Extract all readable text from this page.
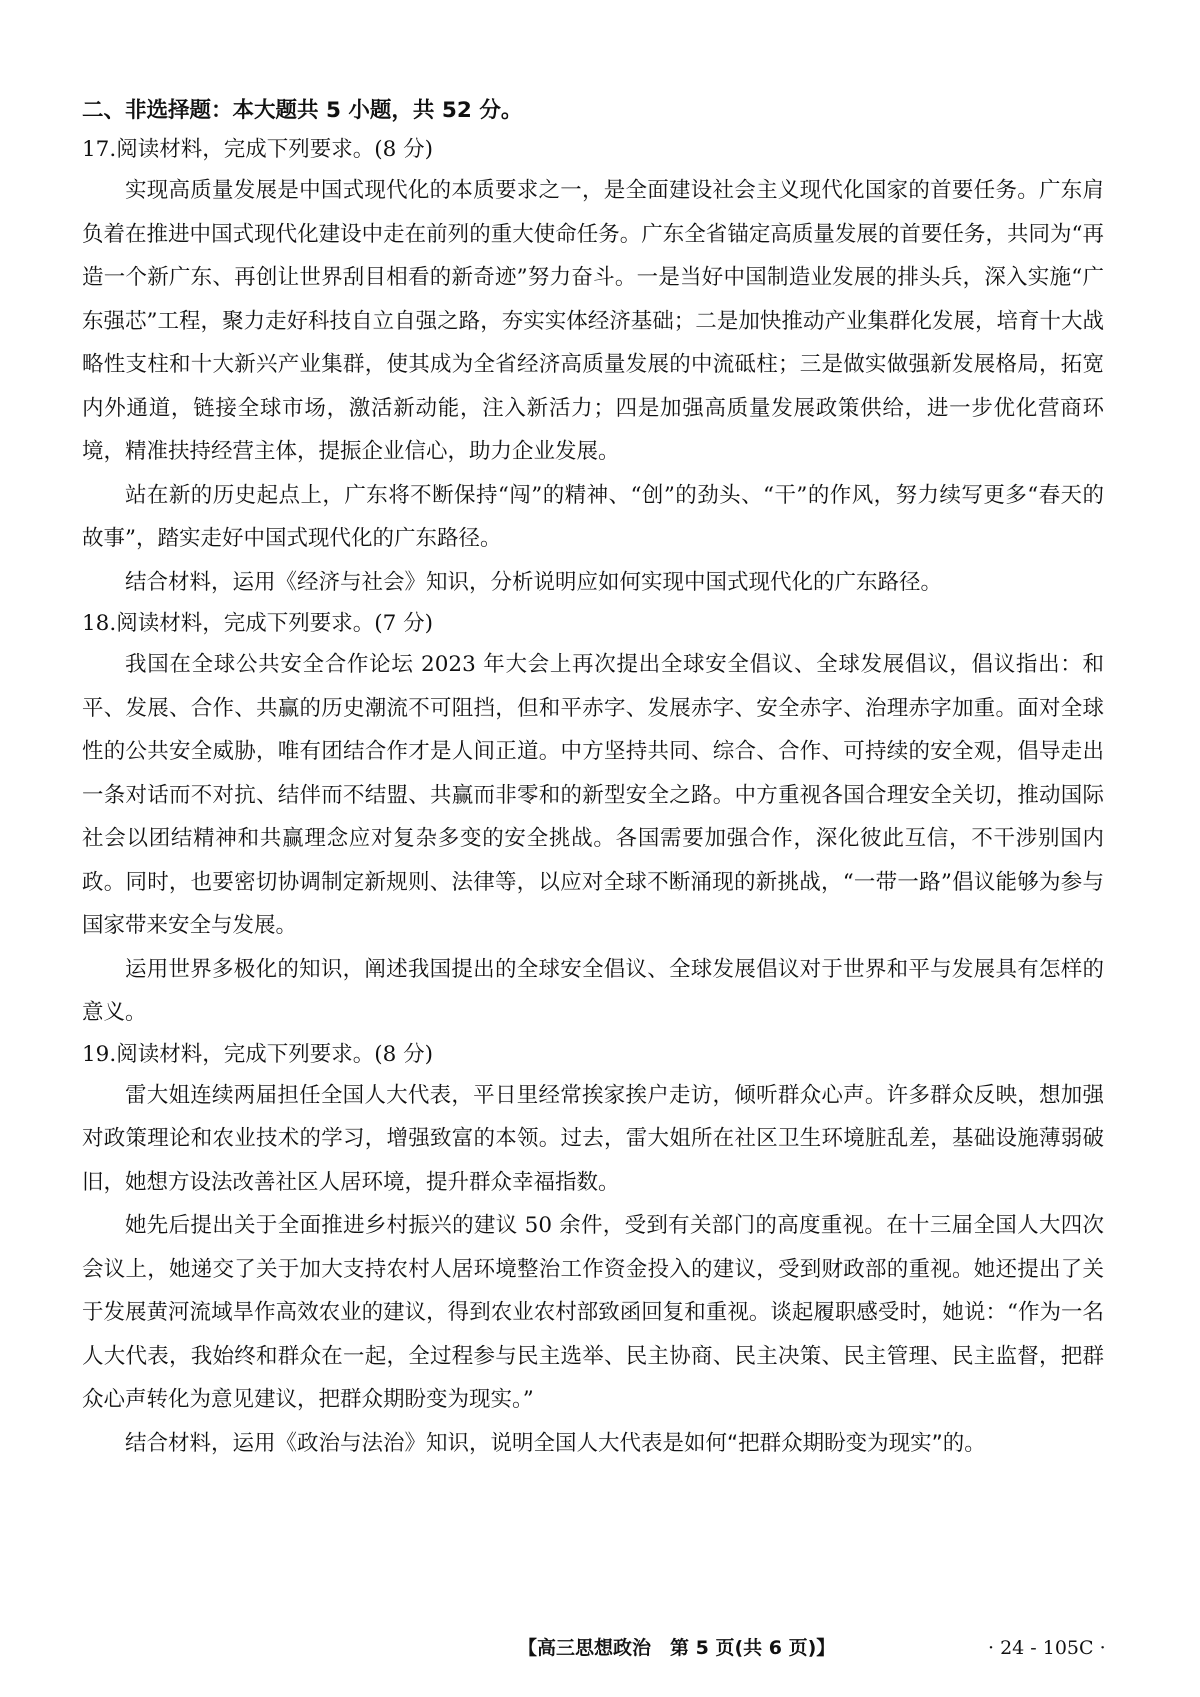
二、非选择题：本大题共 5 小题，共 52 分。

17.阅读材料，完成下列要求。(8 分)

实现高质量发展是中国式现代化的本质要求之一，是全面建设社会主义现代化国家的首要任务。广东肩负着在推进中国式现代化建设中走在前列的重大使命任务。广东全省锚定高质量发展的首要任务，共同为“再造一个新广东、再创让世界刮目相看的新奇迹”努力奋斗。一是当好中国制造业发展的排头兵，深入实施“广东强芯”工程，聚力走好科技自立自强之路，夯实实体经济基础；二是加快推动产业集群化发展，培育十大战略性支柱和十大新兴产业集群，使其成为全省经济高质量发展的中流砥柱；三是做实做强新发展格局，拓宽内外通道，链接全球市场，激活新动能，注入新活力；四是加强高质量发展政策供给，进一步优化营商环境，精准扶持经营主体，提振企业信心，助力企业发展。

站在新的历史起点上，广东将不断保持“闯”的精神、“创”的劲头、“干”的作风，努力续写更多“春天的故事”，踏实走好中国式现代化的广东路径。

结合材料，运用《经济与社会》知识，分析说明应如何实现中国式现代化的广东路径。

18.阅读材料，完成下列要求。(7 分)

我国在全球公共安全合作论坛 2023 年大会上再次提出全球安全倡议、全球发展倡议，倡议指出：和平、发展、合作、共赢的历史潮流不可阻挡，但和平赤字、发展赤字、安全赤字、治理赤字加重。面对全球性的公共安全威胁，唯有团结合作才是人间正道。中方坚持共同、综合、合作、可持续的安全观，倡导走出一条对话而不对抗、结伴而不结盟、共赢而非零和的新型安全之路。中方重视各国合理安全关切，推动国际社会以团结精神和共赢理念应对复杂多变的安全挑战。各国需要加强合作，深化彼此互信，不干涉别国内政。同时，也要密切协调制定新规则、法律等，以应对全球不断涌现的新挑战，“一带一路”倡议能够为参与国家带来安全与发展。

运用世界多极化的知识，阐述我国提出的全球安全倡议、全球发展倡议对于世界和平与发展具有怎样的意义。

19.阅读材料，完成下列要求。(8 分)

雷大姐连续两届担任全国人大代表，平日里经常挨家挨户走访，倾听群众心声。许多群众反映，想加强对政策理论和农业技术的学习，增强致富的本领。过去，雷大姐所在社区卫生环境脏乱差，基础设施薄弱破旧，她想方设法改善社区人居环境，提升群众幸福指数。

她先后提出关于全面推进乡村振兴的建议 50 余件，受到有关部门的高度重视。在十三届全国人大四次会议上，她递交了关于加大支持农村人居环境整治工作资金投入的建议，受到财政部的重视。她还提出了关于发展黄河流域旱作高效农业的建议，得到农业农村部致函回复和重视。谈起履职感受时，她说：“作为一名人大代表，我始终和群众在一起，全过程参与民主选举、民主协商、民主决策、民主管理、民主监督，把群众心声转化为意见建议，把群众期盼变为现实。”

结合材料，运用《政治与法治》知识，说明全国人大代表是如何“把群众期盼变为现实”的。

【高三思想政治　第 5 页(共 6 页)】	· 24 - 105C ·
